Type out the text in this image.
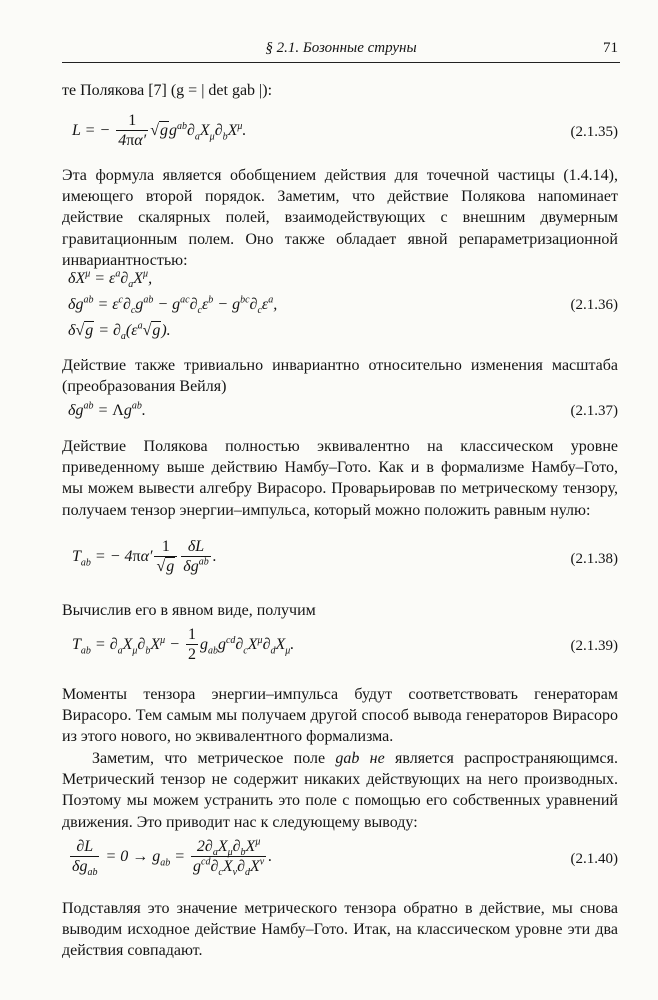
§ 2.1. Бозонные струны	71

те Полякова [7] (g = | det gab |):

L = − $\frac{1}{4\pi\alpha'} √gg^{ab}\partial_aX_\mu\partial_bX^\mu$.	(2.1.35)

Эта формула является обобщением действия для точечной частицы (1.4.14), имеющего второй порядок. Заметим, что действие Полякова напоминает действие скалярных полей, взаимодействующих с внешним двумерным гравитационным полем. Оно также обладает явной репараметризационной инвариантностью:

$\delta X^\mu = \varepsilon^a\partial_aX^\mu$,
$\delta g^{ab} = \varepsilon^c\partial_cg^{ab} - g^{ac}\partial_c\varepsilon^b - g^{bc}\partial_c\varepsilon^a$,
$\delta√g = \partial_a(\varepsilon^a√g)$.
(2.1.36)

Действие также тривиально инвариантно относительно изменения масштаба (преобразования Вейля)

$\delta g^{ab} = \Lambda g^{ab}$.	(2.1.37)

Действие Полякова полностью эквивалентно на классическом уровне приведенному выше действию Намбу–Гото. Как и в формализме Намбу–Гото, мы можем вывести алгебру Вирасоро. Проварьировав по метрическому тензору, получаем тензор энергии–импульса, который можно положить равным нулю:

$T_{ab}$ = − $4\pi\alpha' \frac{1}{√g} \frac{\delta L}{\delta g^{ab}}$ .	(2.1.38)

Вычислив его в явном виде, получим

$T_{ab} = \partial_aX_\mu\partial_bX^\mu - \frac{1}{2} g_{ab}g^{cd}\partial_cX^\mu\partial_dX_\mu$.	(2.1.39)

Моменты тензора энергии–импульса будут соответствовать генераторам Вирасоро. Тем самым мы получаем другой способ вывода генераторов Вирасоро из этого нового, но эквивалентного формализма.

Заметим, что метрическое поле gab не является распространяющимся. Метрический тензор не содержит никаких действующих на него производных. Поэтому мы можем устранить это поле с помощью его собственных уравнений движения. Это приводит нас к следующему выводу:

$\frac{\partial L}{\delta g_{ab}} = 0 \to g_{ab} = \frac{2\partial_aX_\mu\partial_bX^\mu}{g^{cd}\partial_cX_\nu\partial_dX^\nu}$ .	(2.1.40)

Подставляя это значение метрического тензора обратно в действие, мы снова выводим исходное действие Намбу–Гото. Итак, на классическом уровне эти два действия совпадают.
